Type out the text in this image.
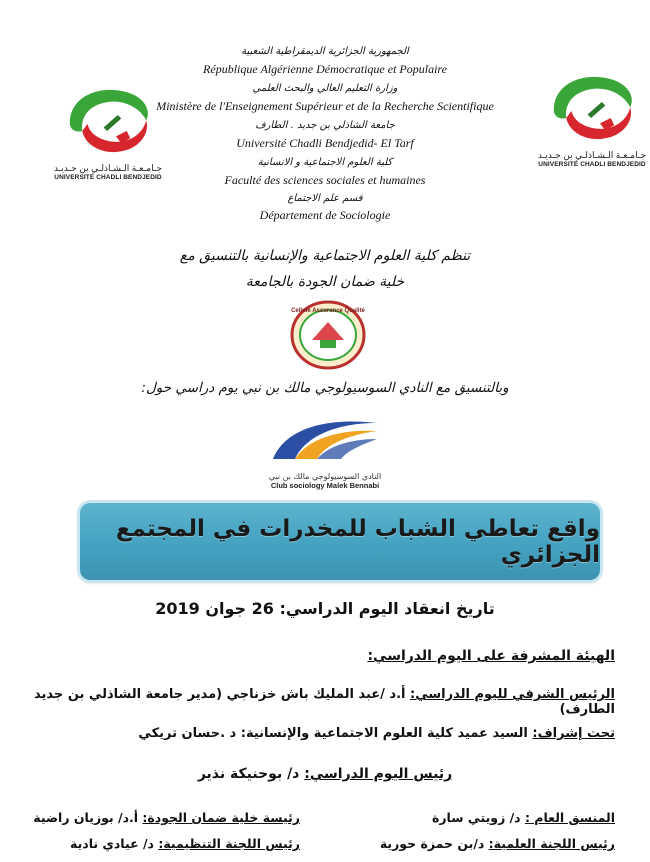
جـامـعـة الـشـاذلـي بن جـديـد
UNIVERSITÉ CHADLI BENDJEDID
جـامـعـة الـشـاذلـي بن جـديـد
UNIVERSITÉ CHADLI BENDJEDID
الجمهورية الجزائرية الديمقراطية الشعبية
République Algérienne Démocratique et Populaire
وزارة التعليم العالي والبحث العلمي
Ministère de l'Enseignement Supérieur et de la Recherche Scientifique
جامعة الشاذلي بن جديد . الطارف
Université Chadli Bendjedid- El Tarf
كلية العلوم الاجتماعية و الانسانية
Faculté des sciences sociales et humaines
قسم علم الاجتماع
Département de Sociologie
تنظم كلية العلوم الاجتماعية والإنسانية بالتنسيق مع
خلية ضمان الجودة بالجامعة
Cellule Assurance Qualité
وبالتنسيق مع النادي السوسيولوجي مالك بن نبي يوم دراسي حول:
النادي السوسيولوجي مالك بن نبي
Club sociology Malek Bennabi
واقع تعاطي الشباب للمخدرات في المجتمع الجزائري
تاريخ انعقاد اليوم الدراسي: 26 جوان 2019
الهيئة المشرفة على اليوم الدراسي:
الرئيس الشرفي لليوم الدراسي: أ.د /عبد المليك باش خزناجي (مدير جامعة الشاذلي بن جديد الطارف)
تحت إشراف: السيد عميد كلية العلوم الاجتماعية والإنسانية: د .حسان تريكي
رئيس اليوم الدراسي: د/ بوحنيكة نذير
المنسق العام : د/ زويتي سارة
رئيسة خلية ضمان الجودة: أ.د/ بوزيان راضية
رئيس اللجنة العلمية: د/بن حمزة حورية
رئيس اللجنة التنظيمية: د/ عيادي نادية
